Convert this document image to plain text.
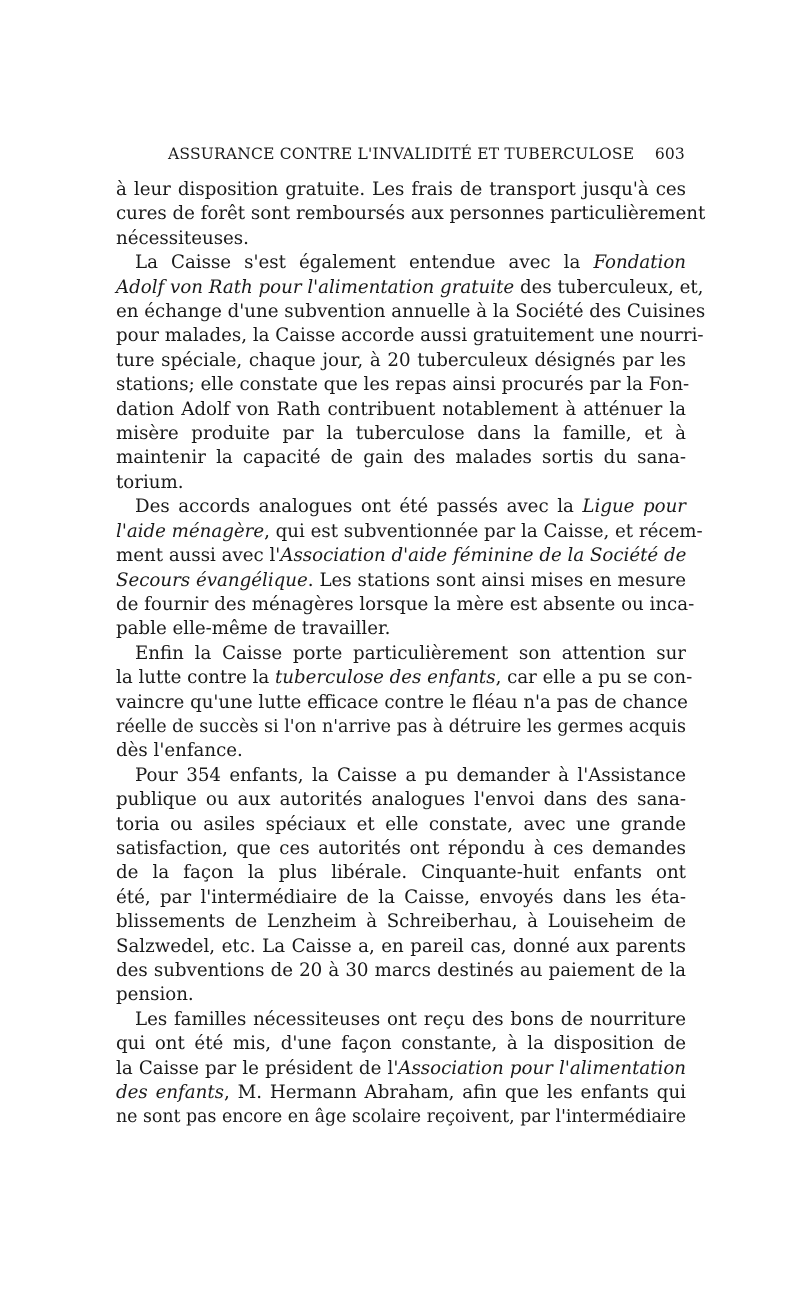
ASSURANCE CONTRE L'INVALIDITÉ ET TUBERCULOSE 603
à leur disposition gratuite. Les frais de transport jusqu'à ces
cures de forêt sont remboursés aux personnes particulièrement
nécessiteuses.
La Caisse s'est également entendue avec la Fondation
Adolf von Rath pour l'alimentation gratuite des tuberculeux, et,
en échange d'une subvention annuelle à la Société des Cuisines
pour malades, la Caisse accorde aussi gratuitement une nourri-
ture spéciale, chaque jour, à 20 tuberculeux désignés par les
stations; elle constate que les repas ainsi procurés par la Fon-
dation Adolf von Rath contribuent notablement à atténuer la
misère produite par la tuberculose dans la famille, et à
maintenir la capacité de gain des malades sortis du sana-
torium.
Des accords analogues ont été passés avec la Ligue pour
l'aide ménagère, qui est subventionnée par la Caisse, et récem-
ment aussi avec l'Association d'aide féminine de la Société de
Secours évangélique. Les stations sont ainsi mises en mesure
de fournir des ménagères lorsque la mère est absente ou inca-
pable elle-même de travailler.
Enfin la Caisse porte particulièrement son attention sur
la lutte contre la tuberculose des enfants, car elle a pu se con-
vaincre qu'une lutte efficace contre le fléau n'a pas de chance
réelle de succès si l'on n'arrive pas à détruire les germes acquis
dès l'enfance.
Pour 354 enfants, la Caisse a pu demander à l'Assistance
publique ou aux autorités analogues l'envoi dans des sana-
toria ou asiles spéciaux et elle constate, avec une grande
satisfaction, que ces autorités ont répondu à ces demandes
de la façon la plus libérale. Cinquante-huit enfants ont
été, par l'intermédiaire de la Caisse, envoyés dans les éta-
blissements de Lenzheim à Schreiberhau, à Louiseheim de
Salzwedel, etc. La Caisse a, en pareil cas, donné aux parents
des subventions de 20 à 30 marcs destinés au paiement de la
pension.
Les familles nécessiteuses ont reçu des bons de nourriture
qui ont été mis, d'une façon constante, à la disposition de
la Caisse par le président de l'Association pour l'alimentation
des enfants, M. Hermann Abraham, afin que les enfants qui
ne sont pas encore en âge scolaire reçoivent, par l'intermédiaire
